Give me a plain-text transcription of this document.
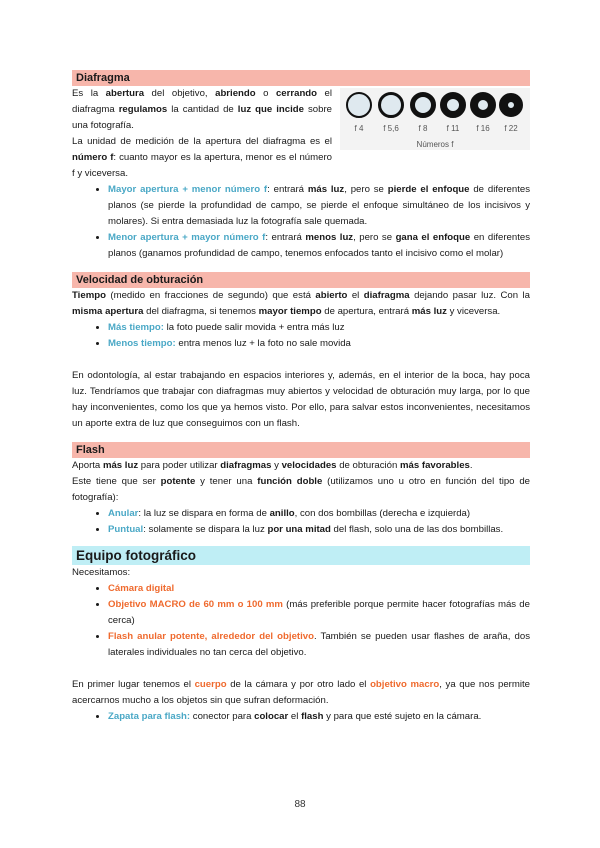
Diafragma
f 4	f 5,6	f 8	f 11	f 16	f 22
Números f

Es la abertura del objetivo, abriendo o cerrando el diafragma regulamos la cantidad de luz que incide sobre una fotografía.

La unidad de medición de la apertura del diafragma es el número f: cuanto mayor es la apertura, menor es el número f y viceversa.

• Mayor apertura + menor número f: entrará más luz, pero se pierde el enfoque de diferentes planos (se pierde la profundidad de campo, se pierde el enfoque simultáneo de los incisivos y molares). Si entra demasiada luz la fotografía sale quemada.
• Menor apertura + mayor número f: entrará menos luz, pero se gana el enfoque en diferentes planos (ganamos profundidad de campo, tenemos enfocados tanto el incisivo como el molar)
Velocidad de obturación

Tiempo (medido en fracciones de segundo) que está abierto el diafragma dejando pasar luz. Con la misma apertura del diafragma, si tenemos mayor tiempo de apertura, entrará más luz y viceversa.

• Más tiempo: la foto puede salir movida + entra más luz
• Menos tiempo: entra menos luz + la foto no sale movida

En odontología, al estar trabajando en espacios interiores y, además, en el interior de la boca, hay poca luz. Tendríamos que trabajar con diafragmas muy abiertos y velocidad de obturación muy larga, por lo que hay inconvenientes, como los que ya hemos visto. Por ello, para salvar estos inconvenientes, necesitamos un aporte extra de luz que conseguimos con un flash.

Flash

Aporta más luz para poder utilizar diafragmas y velocidades de obturación más favorables.

Este tiene que ser potente y tener una función doble (utilizamos uno u otro en función del tipo de fotografía):

• Anular: la luz se dispara en forma de anillo, con dos bombillas (derecha e izquierda)
• Puntual: solamente se dispara la luz por una mitad del flash, solo una de las dos bombillas.
Equipo fotográfico

Necesitamos:

• Cámara digital
• Objetivo MACRO de 60 mm o 100 mm (más preferible porque permite hacer fotografías más de cerca)
• Flash anular potente, alrededor del objetivo. También se pueden usar flashes de araña, dos laterales individuales no tan cerca del objetivo.

En primer lugar tenemos el cuerpo de la cámara y por otro lado el objetivo macro, ya que nos permite acercarnos mucho a los objetos sin que sufran deformación.

• Zapata para flash: conector para colocar el flash y para que esté sujeto en la cámara.
88
